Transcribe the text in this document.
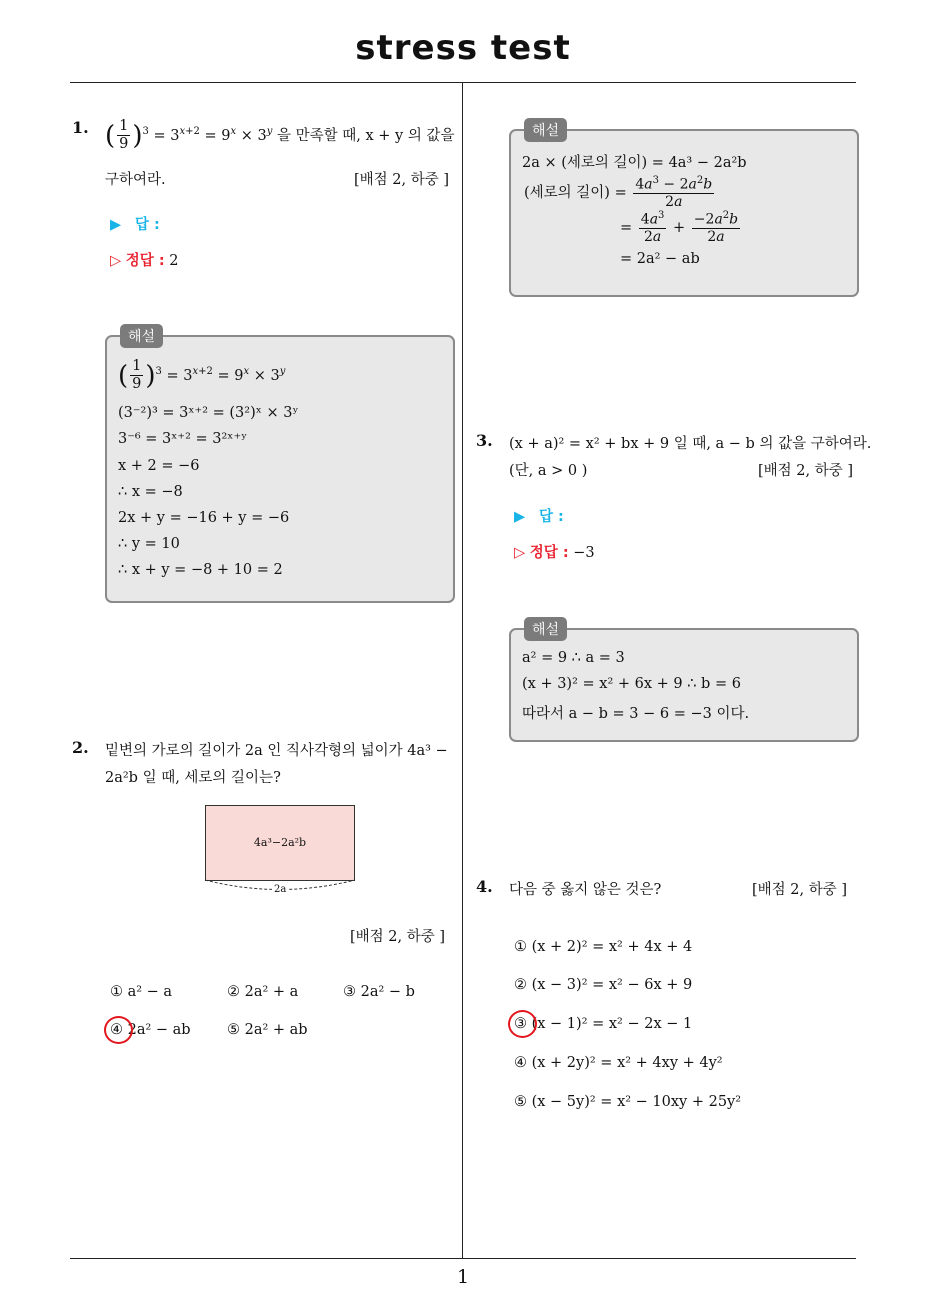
stress test
1
1. ( $\frac{1}{9} )^3 = 3^{x+2} = 9^x \times 3^y$ 을 만족할 때, x + y 의 값을
구하여라.	[배점 2, 하중 ]
▶ 답 :
▷ 정답 : 2
해설
( $\frac{1}{9} )^3 = 3^{x+2} = 9^x \times 3^y$
(3⁻²)³ = 3ˣ⁺² = (3²)ˣ × 3ʸ
3⁻⁶ = 3ˣ⁺² = 3²ˣ⁺ʸ
x + 2 = −6
∴ x = −8
2x + y = −16 + y = −6
∴ y = 10
∴ x + y = −8 + 10 = 2
2. 밑변의 가로의 길이가 2a 인 직사각형의 넓이가 4a³ −
2a²b 일 때, 세로의 길이는?
4a³−2a²b
2a
[배점 2, 하중 ]
① a² − a	② 2a² + a	③ 2a² − b
④ 2a² − ab	⑤ 2a² + ab
해설
2a × (세로의 길이) = 4a³ − 2a²b
(세로의 길이) = $\frac{4a^3 - 2a^2b}{2a}$
= $\frac{4a^3}{2a} + \frac{-2a^2b}{2a}$
= 2a² − ab
3. (x + a)² = x² + bx + 9 일 때, a − b 의 값을 구하여라.
(단, a > 0 )	[배점 2, 하중 ]
▶ 답 :
▷ 정답 : −3
해설
a² = 9 ∴ a = 3
(x + 3)² = x² + 6x + 9 ∴ b = 6
따라서 a − b = 3 − 6 = −3 이다.
4. 다음 중 옳지 않은 것은?	[배점 2, 하중 ]
① (x + 2)² = x² + 4x + 4
② (x − 3)² = x² − 6x + 9
③ (x − 1)² = x² − 2x − 1
④ (x + 2y)² = x² + 4xy + 4y²
⑤ (x − 5y)² = x² − 10xy + 25y²
